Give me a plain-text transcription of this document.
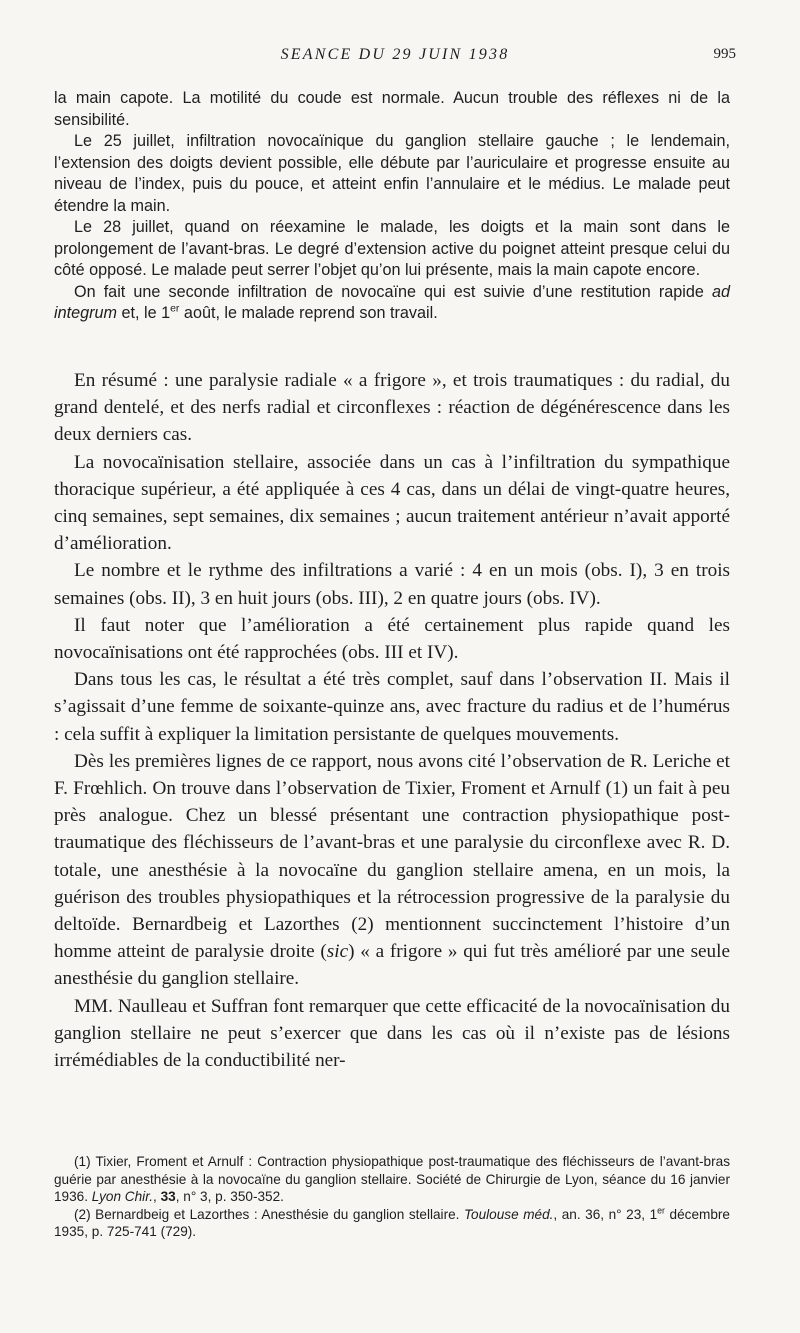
SEANCE DU 29 JUIN 1938	995

la main capote. La motilité du coude est normale. Aucun trouble des réflexes ni de la sensibilité.

Le 25 juillet, infiltration novocaïnique du ganglion stellaire gauche ; le lendemain, l’extension des doigts devient possible, elle débute par l’auriculaire et progresse ensuite au niveau de l’index, puis du pouce, et atteint enfin l’annulaire et le médius. Le malade peut étendre la main.

Le 28 juillet, quand on réexamine le malade, les doigts et la main sont dans le prolongement de l’avant-bras. Le degré d’extension active du poignet atteint presque celui du côté opposé. Le malade peut serrer l’objet qu’on lui présente, mais la main capote encore.

On fait une seconde infiltration de novocaïne qui est suivie d’une restitution rapide ad integrum et, le 1er août, le malade reprend son travail.

En résumé : une paralysie radiale « a frigore », et trois traumatiques : du radial, du grand dentelé, et des nerfs radial et circonflexes : réaction de dégénérescence dans les deux derniers cas.

La novocaïnisation stellaire, associée dans un cas à l’infiltration du sympathique thoracique supérieur, a été appliquée à ces 4 cas, dans un délai de vingt-quatre heures, cinq semaines, sept semaines, dix semaines ; aucun traitement antérieur n’avait apporté d’amélioration.

Le nombre et le rythme des infiltrations a varié : 4 en un mois (obs. I), 3 en trois semaines (obs. II), 3 en huit jours (obs. III), 2 en quatre jours (obs. IV).

Il faut noter que l’amélioration a été certainement plus rapide quand les novocaïnisations ont été rapprochées (obs. III et IV).

Dans tous les cas, le résultat a été très complet, sauf dans l’observation II. Mais il s’agissait d’une femme de soixante-quinze ans, avec fracture du radius et de l’humérus : cela suffit à expliquer la limitation persistante de quelques mouvements.

Dès les premières lignes de ce rapport, nous avons cité l’observation de R. Leriche et F. Frœhlich. On trouve dans l’observation de Tixier, Froment et Arnulf (1) un fait à peu près analogue. Chez un blessé présentant une contraction physiopathique post-traumatique des fléchisseurs de l’avant-bras et une paralysie du circonflexe avec R. D. totale, une anesthésie à la novocaïne du ganglion stellaire amena, en un mois, la guérison des troubles physiopathiques et la rétrocession progressive de la paralysie du deltoïde. Bernardbeig et Lazorthes (2) mentionnent succinctement l’histoire d’un homme atteint de paralysie droite (sic) « a frigore » qui fut très amélioré par une seule anesthésie du ganglion stellaire.

MM. Naulleau et Suffran font remarquer que cette efficacité de la novocaïnisation du ganglion stellaire ne peut s’exercer que dans les cas où il n’existe pas de lésions irrémédiables de la conductibilité ner-

(1) Tixier, Froment et Arnulf : Contraction physiopathique post-traumatique des fléchisseurs de l’avant-bras guérie par anesthésie à la novocaïne du ganglion stellaire. Société de Chirurgie de Lyon, séance du 16 janvier 1936. Lyon Chir., 33, n° 3, p. 350-352.

(2) Bernardbeig et Lazorthes : Anesthésie du ganglion stellaire. Toulouse méd., an. 36, n° 23, 1er décembre 1935, p. 725-741 (729).
